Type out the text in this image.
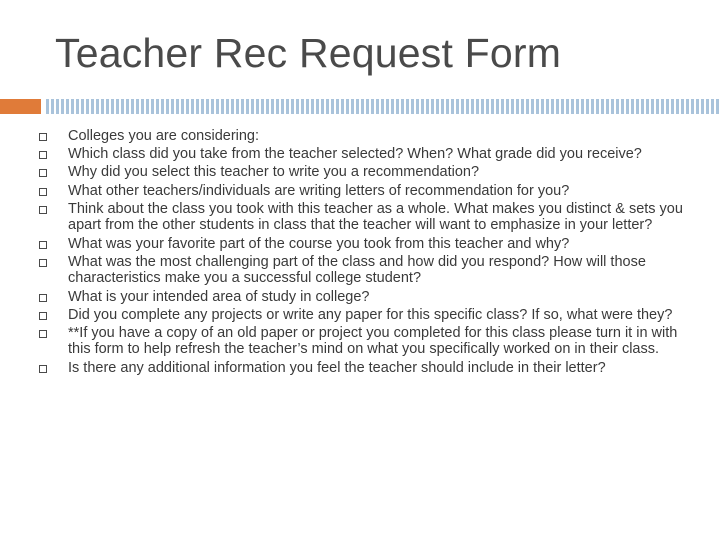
Teacher Rec Request Form
Colleges you are considering:
Which class did you take from the teacher selected? When? What grade did you receive?
Why did you select this teacher to write you a recommendation?
What other teachers/individuals are writing letters of recommendation for you?
Think about the class you took with this teacher as a whole. What makes you distinct & sets you apart from the other students in class that the teacher will want to emphasize in your letter?
What was your favorite part of the course you took from this teacher and why?
What was the most challenging part of the class and how did you respond? How will those characteristics make you a successful college student?
What is your intended area of study in college?
Did you complete any projects or write any paper for this specific class? If so, what were they?
**If you have a copy of an old paper or project you completed for this class please turn it in with this form to help refresh the teacher’s mind on what you specifically worked on in their class.
Is there any additional information you feel the teacher should include in their letter?
